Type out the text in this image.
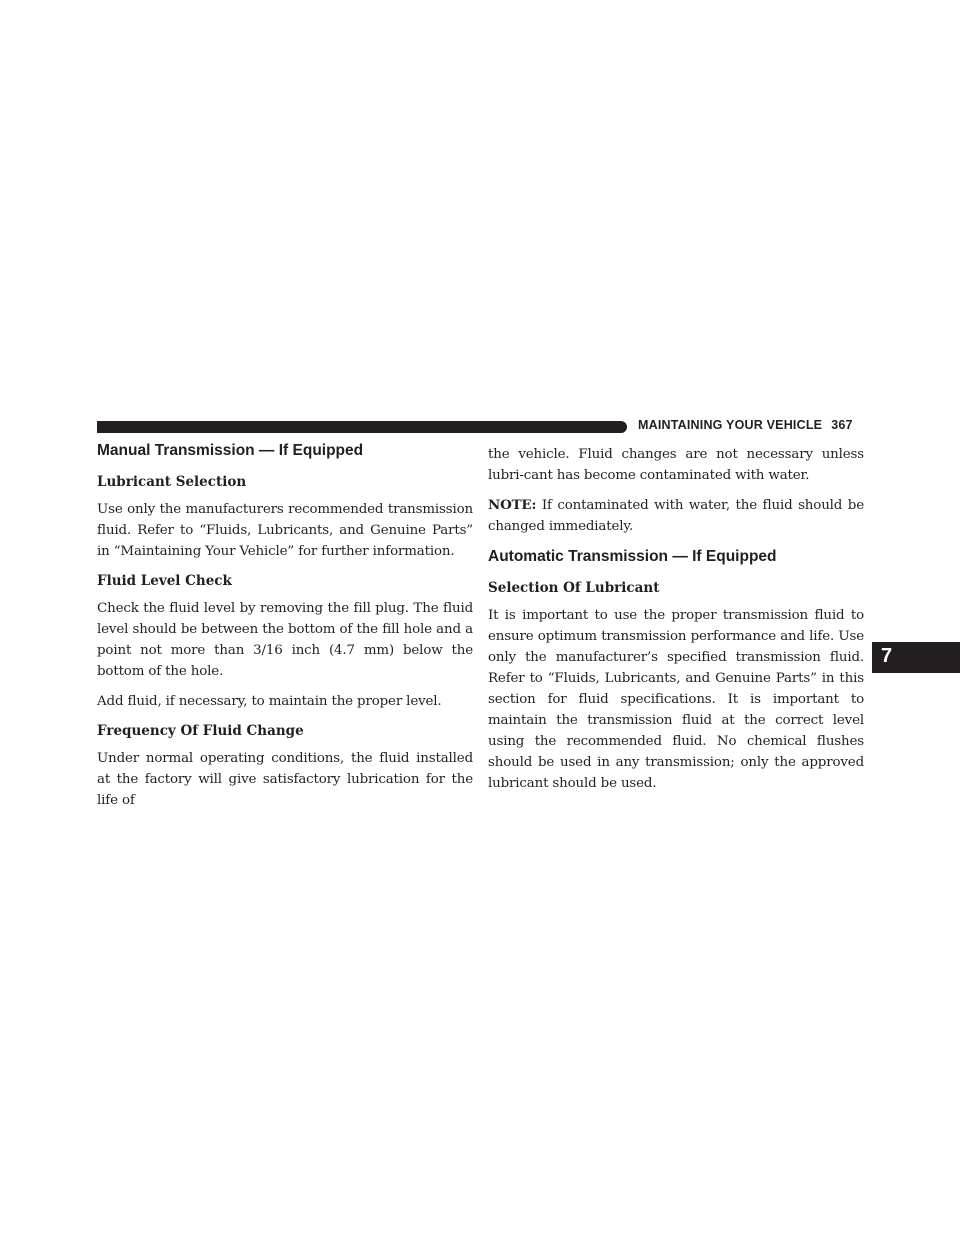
MAINTAINING YOUR VEHICLE 367
Manual Transmission — If Equipped
Lubricant Selection

Use only the manufacturers recommended transmission fluid. Refer to “Fluids, Lubricants, and Genuine Parts” in “Maintaining Your Vehicle” for further information.

Fluid Level Check

Check the fluid level by removing the fill plug. The fluid level should be between the bottom of the fill hole and a point not more than 3/16 inch (4.7 mm) below the bottom of the hole.

Add fluid, if necessary, to maintain the proper level.

Frequency Of Fluid Change

Under normal operating conditions, the fluid installed at the factory will give satisfactory lubrication for the life of

the vehicle. Fluid changes are not necessary unless lubri-cant has become contaminated with water.

NOTE: If contaminated with water, the fluid should be changed immediately.

Automatic Transmission — If Equipped
Selection Of Lubricant

It is important to use the proper transmission fluid to ensure optimum transmission performance and life. Use only the manufacturer’s specified transmission fluid. Refer to “Fluids, Lubricants, and Genuine Parts” in this section for fluid specifications. It is important to maintain the transmission fluid at the correct level using the recommended fluid. No chemical flushes should be used in any transmission; only the approved lubricant should be used.

7
